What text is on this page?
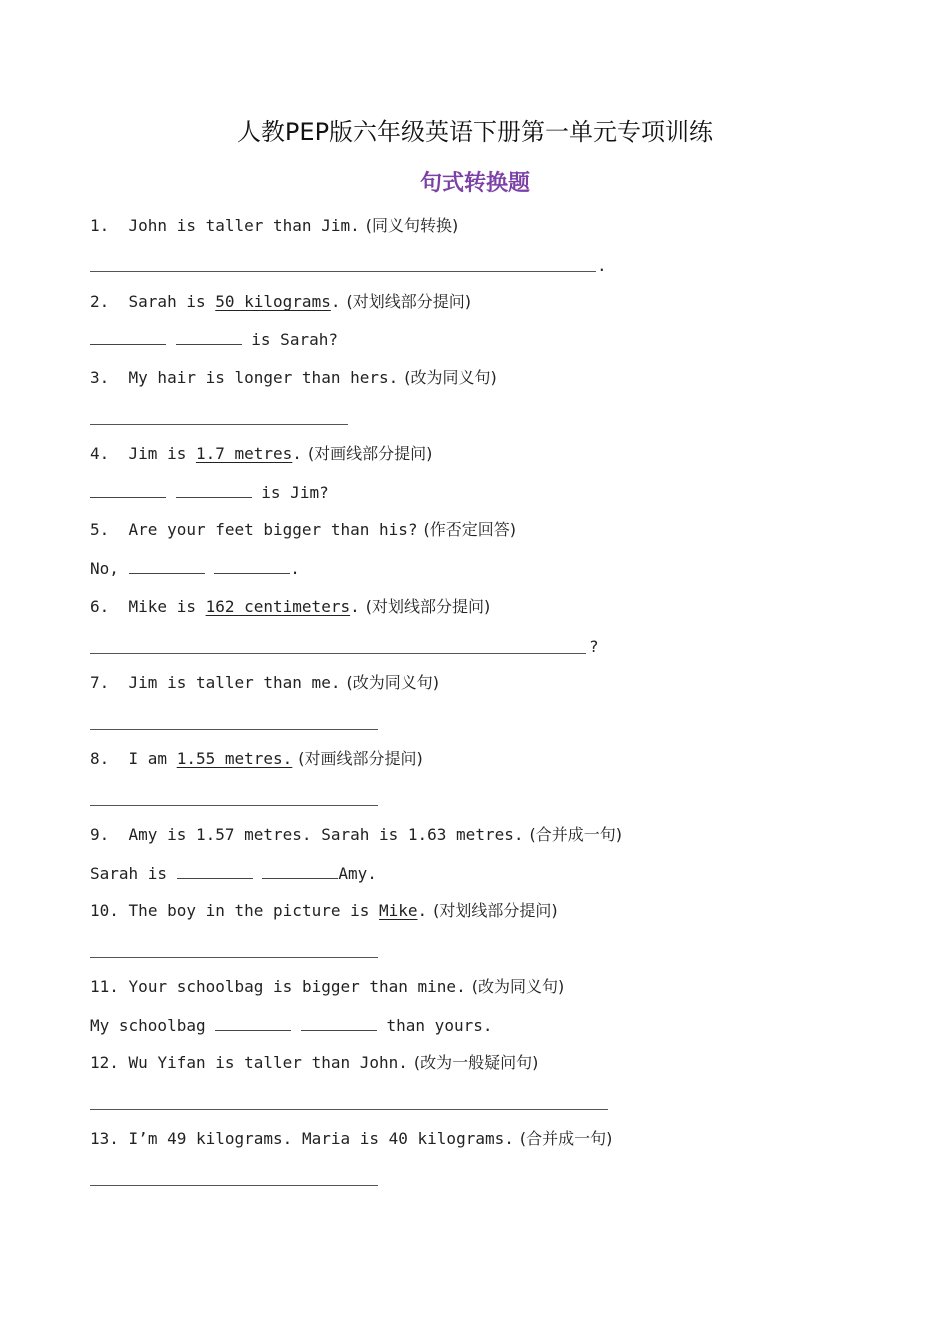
人教PEP版六年级英语下册第一单元专项训练
句式转换题
1. John is taller than Jim. (同义句转换)
.
2. Sarah is 50 kilograms. (对划线部分提问)
is Sarah?
3. My hair is longer than hers. (改为同义句)
4. Jim is 1.7 metres. (对画线部分提问)
is Jim?
5. Are your feet bigger than his? (作否定回答)
No,	.
6. Mike is 162 centimeters. (对划线部分提问)
?
7. Jim is taller than me. (改为同义句)
8. I am 1.55 metres. (对画线部分提问)
9. Amy is 1.57 metres. Sarah is 1.63 metres. (合并成一句)
Sarah is	Amy.
10. The boy in the picture is Mike. (对划线部分提问)
11. Your schoolbag is bigger than mine. (改为同义句)
My schoolbag	than yours.
12. Wu Yifan is taller than John. (改为一般疑问句)
13. I’m 49 kilograms. Maria is 40 kilograms. (合并成一句)
